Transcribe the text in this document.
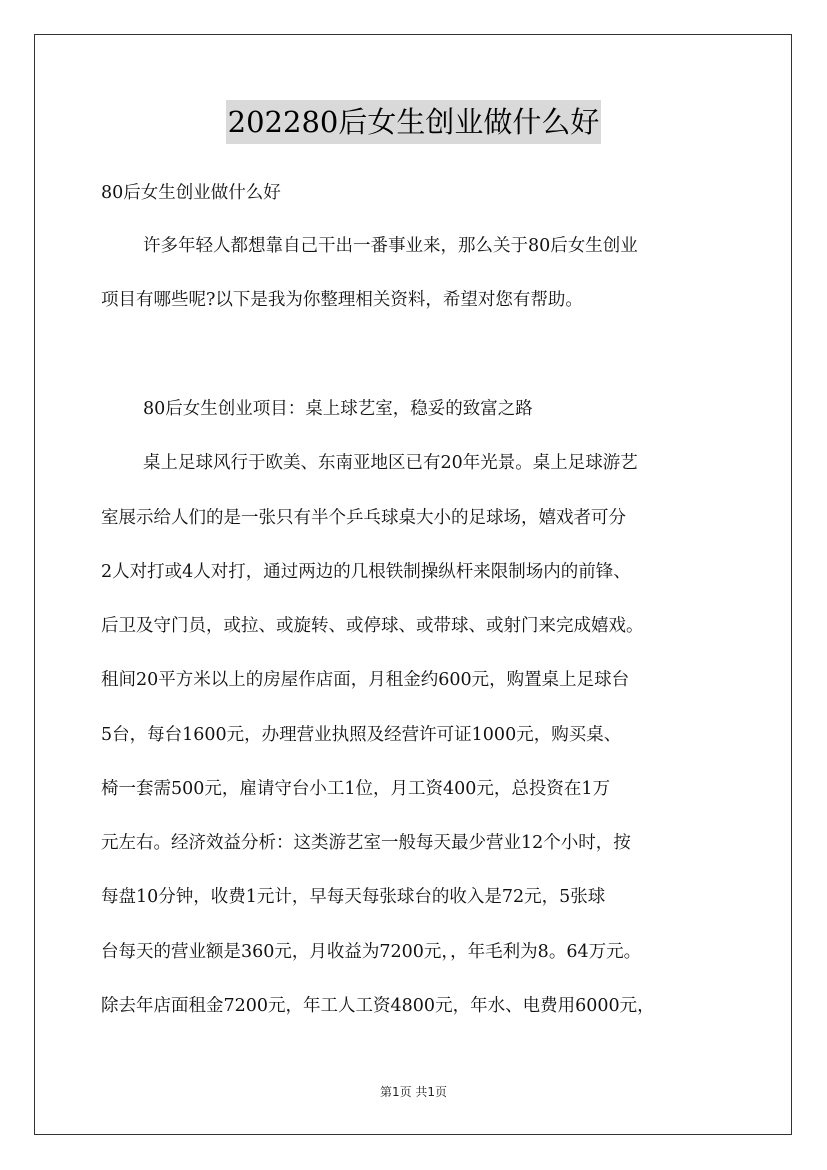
202280后女生创业做什么好
80后女生创业做什么好
许多年轻人都想靠自己干出一番事业来，那么关于80后女生创业
项目有哪些呢?以下是我为你整理相关资料，希望对您有帮助。
80后女生创业项目：桌上球艺室，稳妥的致富之路
桌上足球风行于欧美、东南亚地区已有20年光景。桌上足球游艺
室展示给人们的是一张只有半个乒乓球桌大小的足球场，嬉戏者可分
2人对打或4人对打，通过两边的几根铁制操纵杆来限制场内的前锋、
后卫及守门员，或拉、或旋转、或停球、或带球、或射门来完成嬉戏。
租间20平方米以上的房屋作店面，月租金约600元，购置桌上足球台
5台，每台1600元，办理营业执照及经营许可证1000元，购买桌、
椅一套需500元，雇请守台小工1位，月工资400元，总投资在1万
元左右。经济效益分析：这类游艺室一般每天最少营业12个小时，按
每盘10分钟，收费1元计，早每天每张球台的收入是72元，5张球
台每天的营业额是360元，月收益为7200元，，年毛利为8。64万元。
除去年店面租金7200元，年工人工资4800元，年水、电费用6000元，
第1页 共1页
